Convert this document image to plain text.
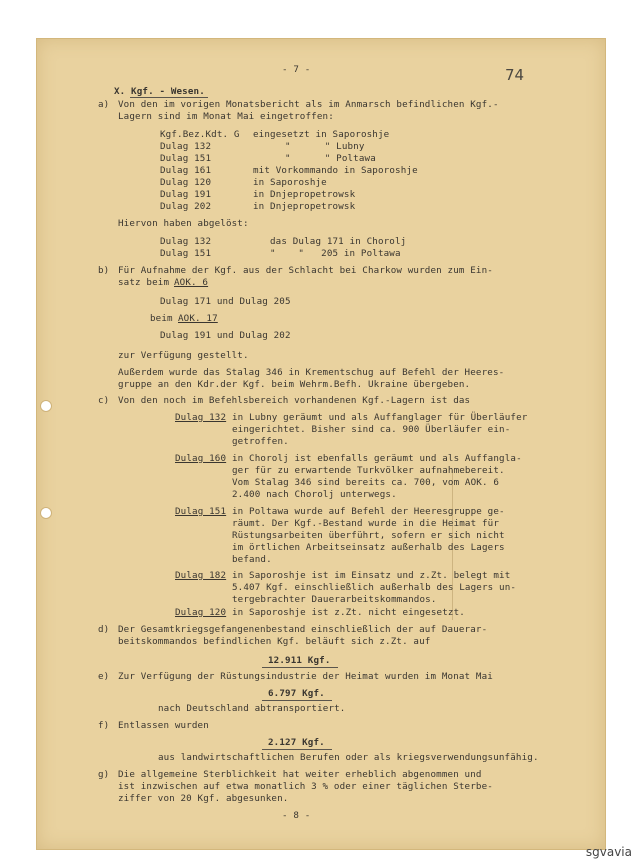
- 7 -	74
X. Kgf. - Wesen.
a) Von den im vorigen Monatsbericht als im Anmarsch befindlichen Kgf.-
Lagern sind im Monat Mai eingetroffen:
Kgf.Bez.Kdt. G eingesetzt in Saporoshje
Dulag 132	"      " Lubny
Dulag 151	"      " Poltawa
Dulag 161	mit Vorkommando in Saporoshje
Dulag 120	in Saporoshje
Dulag 191	in Dnjepropetrowsk
Dulag 202	in Dnjepropetrowsk
Hiervon haben abgelöst:
Dulag 132	das Dulag 171 in Chorolj
Dulag 151	"    "   205 in Poltawa
b) Für Aufnahme der Kgf. aus der Schlacht bei Charkow wurden zum Ein-
satz beim AOK. 6
Dulag 171 und Dulag 205
beim AOK. 17
Dulag 191 und Dulag 202
zur Verfügung gestellt.
Außerdem wurde das Stalag 346 in Krementschug auf Befehl der Heeres-
gruppe an den Kdr.der Kgf. beim Wehrm.Befh. Ukraine übergeben.
c) Von den noch im Befehlsbereich vorhandenen Kgf.-Lagern ist das
Dulag 132 in Lubny geräumt und als Auffanglager für Überläufer
eingerichtet. Bisher sind ca. 900 Überläufer ein-
getroffen.
Dulag 160 in Chorolj ist ebenfalls geräumt und als Auffangla-
ger für zu erwartende Turkvölker aufnahmebereit.
Vom Stalag 346 sind bereits ca. 700, vom AOK. 6
2.400 nach Chorolj unterwegs.
Dulag 151 in Poltawa wurde auf Befehl der Heeresgruppe ge-
räumt. Der Kgf.-Bestand wurde in die Heimat für
Rüstungsarbeiten überführt, sofern er sich nicht
im örtlichen Arbeitseinsatz außerhalb des Lagers
befand.
Dulag 182 in Saporoshje ist im Einsatz und z.Zt. belegt mit
5.407 Kgf. einschließlich außerhalb des Lagers un-
tergebrachter Dauerarbeitskommandos.
Dulag 120 in Saporoshje ist z.Zt. nicht eingesetzt.
d) Der Gesamtkriegsgefangenenbestand einschließlich der auf Dauerar-
beitskommandos befindlichen Kgf. beläuft sich z.Zt. auf
12.911 Kgf.
e) Zur Verfügung der Rüstungsindustrie der Heimat wurden im Monat Mai
6.797 Kgf.
nach Deutschland abtransportiert.
f) Entlassen wurden
2.127 Kgf.
aus landwirtschaftlichen Berufen oder als kriegsverwendungsunfähig.
g) Die allgemeine Sterblichkeit hat weiter erheblich abgenommen und
ist inzwischen auf etwa monatlich 3 % oder einer täglichen Sterbe-
ziffer von 20 Kgf. abgesunken.
- 8 -
sgvavia
